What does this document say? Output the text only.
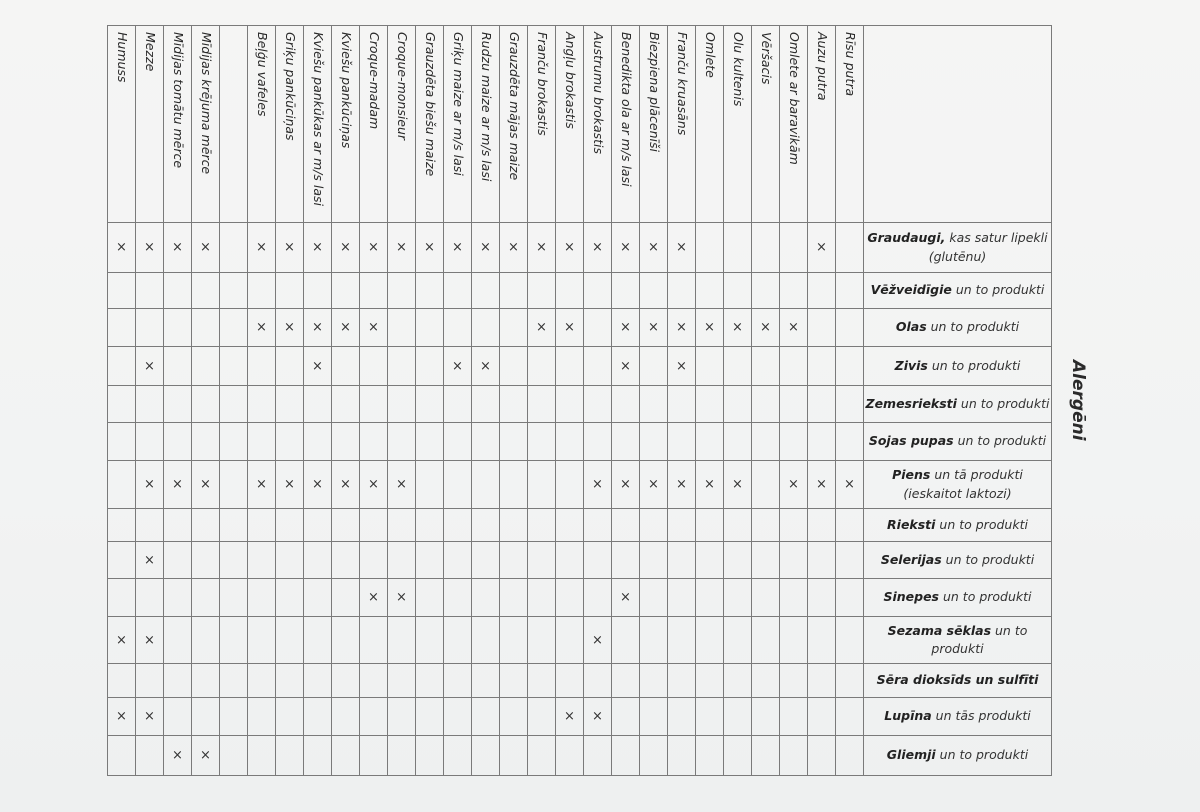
Humuss	Mezze	Mīdijas tomātu mērce	Mīdijas krējuma mērce		Beļģu vafeles	Griķu pankūciņas	Kviešu pankūkas ar m/s lasi	Kviešu pankūciņas	Croque-madam	Croque-monsieur	Grauzdēta biešu maize	Griķu maize ar m/s lasi	Rudzu maize ar m/s lasi	Grauzdēta mājas maize	Franču brokastis	Angļu brokastis	Austrumu brokastis	Benedikta ola ar m/s lasi	Biezpiena plācenīši	Franču kruasāns	Omlete	Olu kultenis	Vēršacis	Omlete ar baravikām	Auzu putra	Rīsu putra	

×	×	×	×		×	×	×	×	×	×	×	×	×	×	×	×	×	×	×	×					×		Graudaugi, kas satur lipekli (glutēnu)
																											Vēžveidīgie un to produkti
					×	×	×	×	×						×	×		×	×	×	×	×	×	×			Olas un to produkti
	×						×					×	×					×		×							Zivis un to produkti
																											Zemesrieksti un to produkti
																											Sojas pupas un to produkti
	×	×	×		×	×	×	×	×	×							×	×	×	×	×	×		×	×	×	Piens un tā produkti (ieskaitot laktozi)
																											Rieksti un to produkti
	×																										Selerijas un to produkti
									×	×								×									Sinepes un to produkti
×	×																×										Sezama sēklas un to produkti
																											Sēra dioksīds un sulfīti
×	×															×	×										Lupīna un tās produkti
		×	×																								Gliemji un to produkti
Alergēni
